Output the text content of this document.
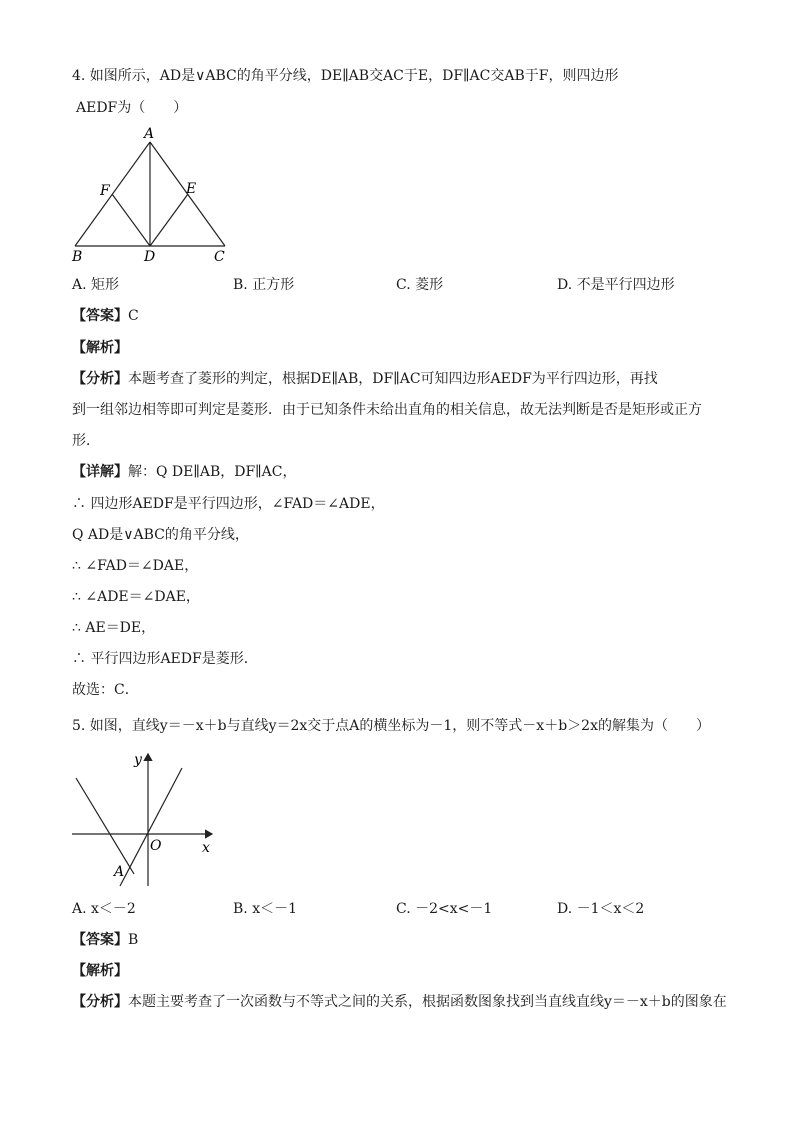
4. 如图所示，AD是∨ABC的角平分线，DE∥AB交AC于E，DF∥AC交AB于F，则四边形
AEDF为（　　）
A
F	E
B	D	C
A. 矩形	B. 正方形	C. 菱形	D. 不是平行四边形
【答案】C
【解析】
【分析】本题考查了菱形的判定，根据DE∥AB，DF∥AC可知四边形AEDF为平行四边形，再找
到一组邻边相等即可判定是菱形．由于已知条件未给出直角的相关信息，故无法判断是否是矩形或正方
形．
【详解】解：Q DE∥AB，DF∥AC，
∴ 四边形AEDF是平行四边形，∠FAD＝∠ADE，
Q AD是∨ABC的角平分线，
∴ ∠FAD＝∠DAE，
∴ ∠ADE＝∠DAE，
∴ AE＝DE，
∴ 平行四边形AEDF是菱形．
故选：C．
5. 如图，直线y＝－x＋b与直线y＝2x交于点A的横坐标为－1，则不等式－x＋b＞2x的解集为（　　）
y
x
O
A
A. x＜－2	B. x＜－1	C. －2<x<－1	D. －1＜x＜2
【答案】B
【解析】
【分析】本题主要考查了一次函数与不等式之间的关系，根据函数图象找到当直线直线y＝－x＋b的图象在
